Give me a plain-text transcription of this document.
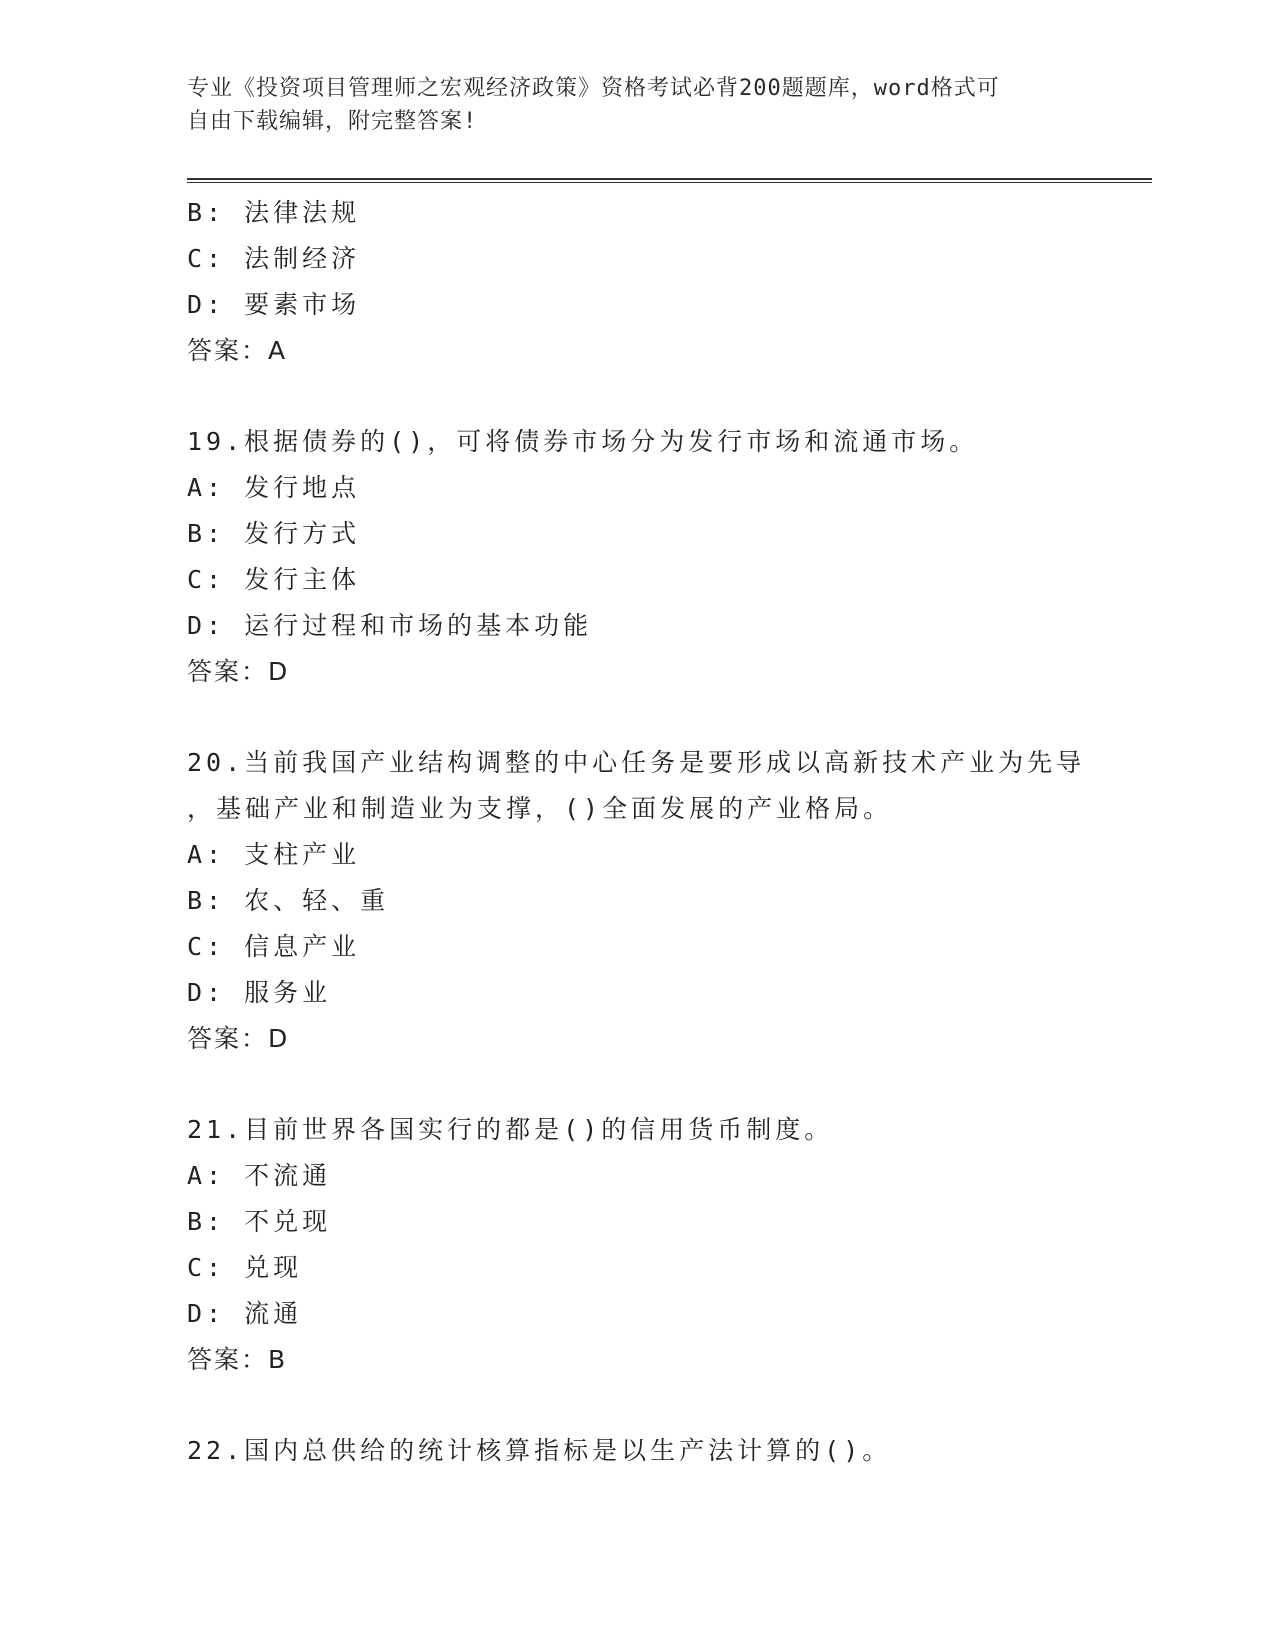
专业《投资项目管理师之宏观经济政策》资格考试必背200题题库，word格式可
自由下载编辑，附完整答案!
B: 法律法规
C: 法制经济
D: 要素市场
答案：A
19.根据债券的()，可将债券市场分为发行市场和流通市场。
A: 发行地点
B: 发行方式
C: 发行主体
D: 运行过程和市场的基本功能
答案：D
20.当前我国产业结构调整的中心任务是要形成以高新技术产业为先导
，基础产业和制造业为支撑，()全面发展的产业格局。
A: 支柱产业
B: 农、轻、重
C: 信息产业
D: 服务业
答案：D
21.目前世界各国实行的都是()的信用货币制度。
A: 不流通
B: 不兑现
C: 兑现
D: 流通
答案：B
22.国内总供给的统计核算指标是以生产法计算的()。
